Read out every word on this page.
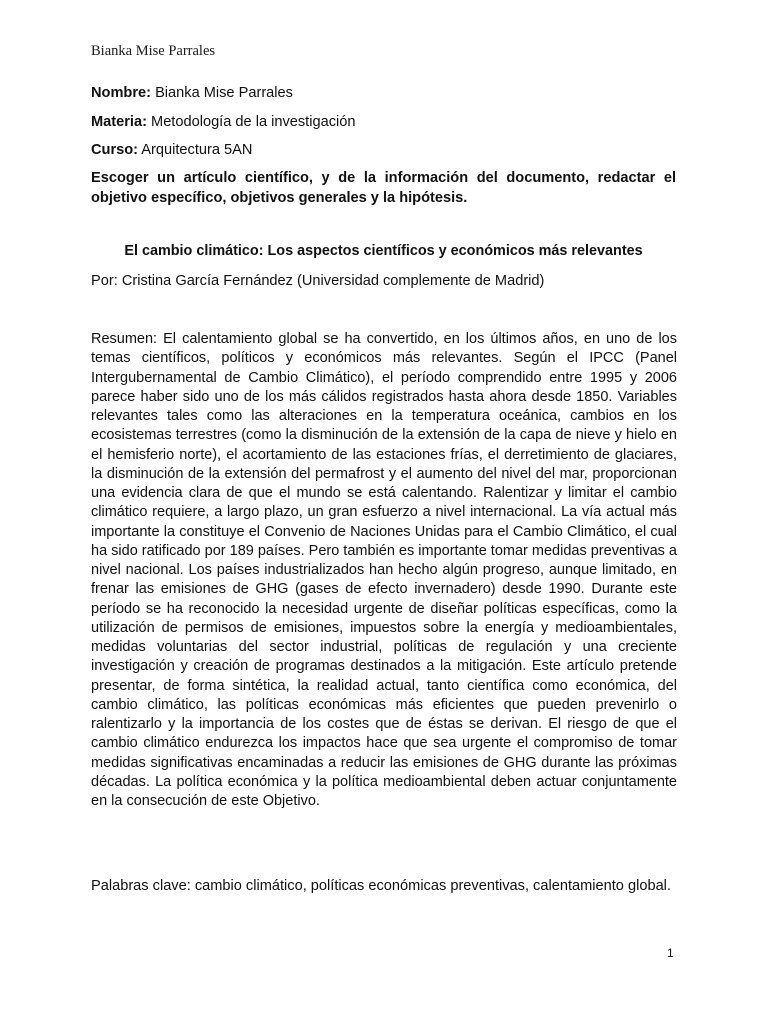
Bianka Mise Parrales
Nombre: Bianka Mise Parrales
Materia: Metodología de la investigación
Curso: Arquitectura 5AN
Escoger un artículo científico, y de la información del documento, redactar el objetivo específico, objetivos generales y la hipótesis.
El cambio climático: Los aspectos científicos y económicos más relevantes
Por: Cristina García Fernández (Universidad complemente de Madrid)
Resumen: El calentamiento global se ha convertido, en los últimos años, en uno de los temas científicos, políticos y económicos más relevantes. Según el IPCC (Panel Intergubernamental de Cambio Climático), el período comprendido entre 1995 y 2006 parece haber sido uno de los más cálidos registrados hasta ahora desde 1850. Variables relevantes tales como las alteraciones en la temperatura oceánica, cambios en los ecosistemas terrestres (como la disminución de la extensión de la capa de nieve y hielo en el hemisferio norte), el acortamiento de las estaciones frías, el derretimiento de glaciares, la disminución de la extensión del permafrost y el aumento del nivel del mar, proporcionan una evidencia clara de que el mundo se está calentando. Ralentizar y limitar el cambio climático requiere, a largo plazo, un gran esfuerzo a nivel internacional. La vía actual más importante la constituye el Convenio de Naciones Unidas para el Cambio Climático, el cual ha sido ratificado por 189 países. Pero también es importante tomar medidas preventivas a nivel nacional. Los países industrializados han hecho algún progreso, aunque limitado, en frenar las emisiones de GHG (gases de efecto invernadero) desde 1990. Durante este período se ha reconocido la necesidad urgente de diseñar políticas específicas, como la utilización de permisos de emisiones, impuestos sobre la energía y medioambientales, medidas voluntarias del sector industrial, políticas de regulación y una creciente investigación y creación de programas destinados a la mitigación. Este artículo pretende presentar, de forma sintética, la realidad actual, tanto científica como económica, del cambio climático, las políticas económicas más eficientes que pueden prevenirlo o ralentizarlo y la importancia de los costes que de éstas se derivan. El riesgo de que el cambio climático endurezca los impactos hace que sea urgente el compromiso de tomar medidas significativas encaminadas a reducir las emisiones de GHG durante las próximas décadas. La política económica y la política medioambiental deben actuar conjuntamente en la consecución de este Objetivo.
Palabras clave: cambio climático, políticas económicas preventivas, calentamiento global.
1
